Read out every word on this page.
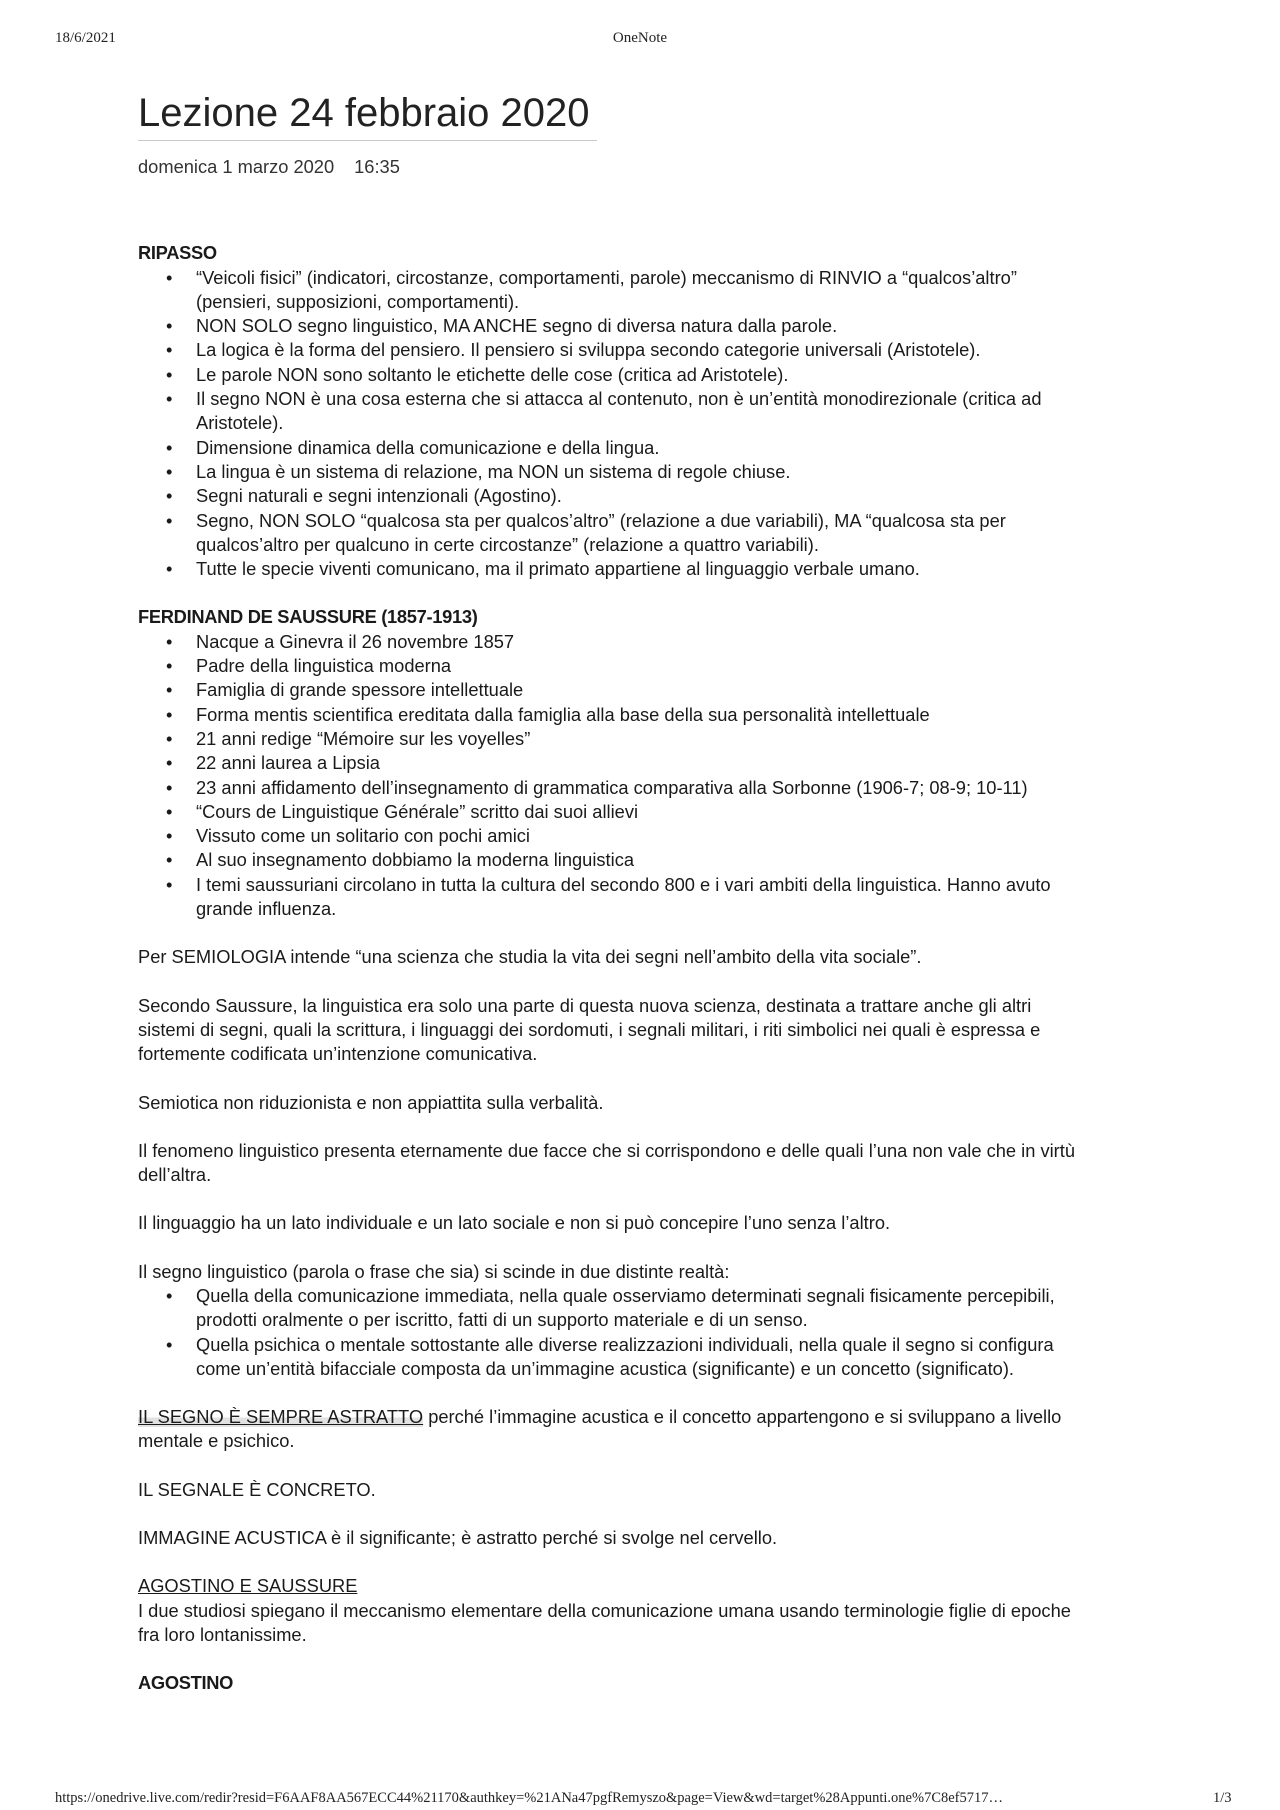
18/6/2021	OneNote
Lezione 24 febbraio 2020
domenica 1 marzo 2020 16:35

RIPASSO

• “Veicoli fisici” (indicatori, circostanze, comportamenti, parole) meccanismo di RINVIO a “qualcos’altro” (pensieri, supposizioni, comportamenti).
• NON SOLO segno linguistico, MA ANCHE segno di diversa natura dalla parole.
• La logica è la forma del pensiero. Il pensiero si sviluppa secondo categorie universali (Aristotele).
• Le parole NON sono soltanto le etichette delle cose (critica ad Aristotele).
• Il segno NON è una cosa esterna che si attacca al contenuto, non è un’entità monodirezionale (critica ad Aristotele).
• Dimensione dinamica della comunicazione e della lingua.
• La lingua è un sistema di relazione, ma NON un sistema di regole chiuse.
• Segni naturali e segni intenzionali (Agostino).
• Segno, NON SOLO “qualcosa sta per qualcos’altro” (relazione a due variabili), MA “qualcosa sta per qualcos’altro per qualcuno in certe circostanze” (relazione a quattro variabili).
• Tutte le specie viventi comunicano, ma il primato appartiene al linguaggio verbale umano.

FERDINAND DE SAUSSURE (1857-1913)

• Nacque a Ginevra il 26 novembre 1857
• Padre della linguistica moderna
• Famiglia di grande spessore intellettuale
• Forma mentis scientifica ereditata dalla famiglia alla base della sua personalità intellettuale
• 21 anni redige “Mémoire sur les voyelles”
• 22 anni laurea a Lipsia
• 23 anni affidamento dell’insegnamento di grammatica comparativa alla Sorbonne (1906-7; 08-9; 10-11)
• “Cours de Linguistique Générale” scritto dai suoi allievi
• Vissuto come un solitario con pochi amici
• Al suo insegnamento dobbiamo la moderna linguistica
• I temi saussuriani circolano in tutta la cultura del secondo 800 e i vari ambiti della linguistica. Hanno avuto grande influenza.

Per SEMIOLOGIA intende “una scienza che studia la vita dei segni nell’ambito della vita sociale”.

Secondo Saussure, la linguistica era solo una parte di questa nuova scienza, destinata a trattare anche gli altri sistemi di segni, quali la scrittura, i linguaggi dei sordomuti, i segnali militari, i riti simbolici nei quali è espressa e fortemente codificata un’intenzione comunicativa.

Semiotica non riduzionista e non appiattita sulla verbalità.

Il fenomeno linguistico presenta eternamente due facce che si corrispondono e delle quali l’una non vale che in virtù dell’altra.

Il linguaggio ha un lato individuale e un lato sociale e non si può concepire l’uno senza l’altro.

Il segno linguistico (parola o frase che sia) si scinde in due distinte realtà:

• Quella della comunicazione immediata, nella quale osserviamo determinati segnali fisicamente percepibili, prodotti oralmente o per iscritto, fatti di un supporto materiale e di un senso.
• Quella psichica o mentale sottostante alle diverse realizzazioni individuali, nella quale il segno si configura come un’entità bifacciale composta da un’immagine acustica (significante) e un concetto (significato).

IL SEGNO È SEMPRE ASTRATTO perché l’immagine acustica e il concetto appartengono e si sviluppano a livello mentale e psichico.

IL SEGNALE È CONCRETO.

IMMAGINE ACUSTICA è il significante; è astratto perché si svolge nel cervello.

AGOSTINO E SAUSSURE

I due studiosi spiegano il meccanismo elementare della comunicazione umana usando terminologie figlie di epoche fra loro lontanissime.

AGOSTINO

https://onedrive.live.com/redir?resid=F6AAF8AA567ECC44%21170&authkey=%21ANa47pgfRemyszo&page=View&wd=target%28Appunti.one%7C8ef5717…	1/3
